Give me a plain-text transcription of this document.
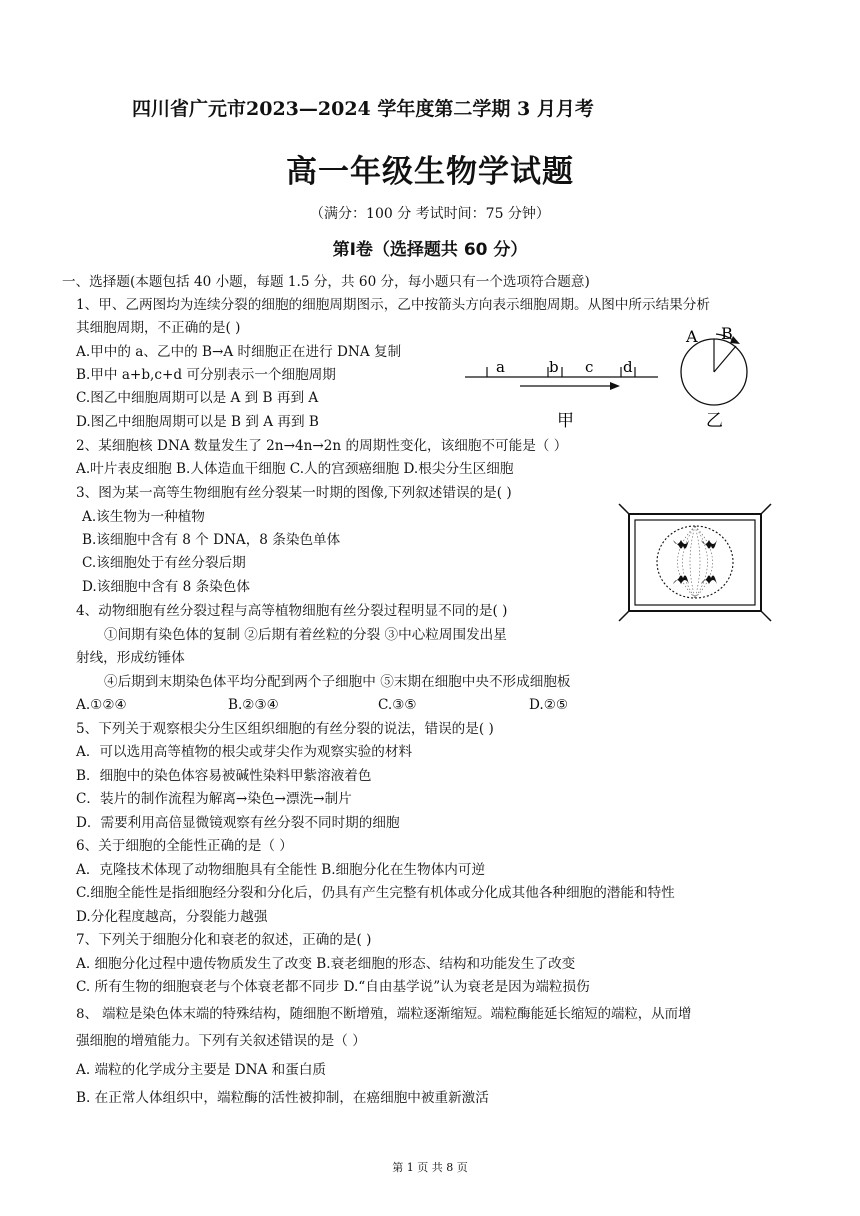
四川省广元市2023—2024 学年度第二学期 3 月月考
高一年级生物学试题
（满分：100 分 考试时间：75 分钟）
第Ⅰ卷（选择题共 60 分）
一、选择题(本题包括 40 小题，每题 1.5 分，共 60 分，每小题只有一个选项符合题意)
1、甲、乙两图均为连续分裂的细胞的细胞周期图示，乙中按箭头方向表示细胞周期。从图中所示结果分析
其细胞周期，不正确的是( )
A.甲中的 a、乙中的 B→A 时细胞正在进行 DNA 复制
B.甲中 a+b,c+d 可分别表示一个细胞周期
C.图乙中细胞周期可以是 A 到 B 再到 A
D.图乙中细胞周期可以是 B 到 A 再到 B
a	b c d
甲
A B
乙
2、某细胞核 DNA 数量发生了 2n→4n→2n 的周期性变化，该细胞不可能是（ ）
A.叶片表皮细胞 B.人体造血干细胞 C.人的宫颈癌细胞 D.根尖分生区细胞
3、图为某一高等生物细胞有丝分裂某一时期的图像,下列叙述错误的是( )
A.该生物为一种植物
B.该细胞中含有 8 个 DNA，8 条染色单体
C.该细胞处于有丝分裂后期
D.该细胞中含有 8 条染色体
4、动物细胞有丝分裂过程与高等植物细胞有丝分裂过程明显不同的是( )
①间期有染色体的复制 ②后期有着丝粒的分裂 ③中心粒周围发出星
射线，形成纺锤体
④后期到末期染色体平均分配到两个子细胞中 ⑤末期在细胞中央不形成细胞板
A.①②④	B.②③④	C.③⑤	D.②⑤
5、下列关于观察根尖分生区组织细胞的有丝分裂的说法，错误的是( )
A．可以选用高等植物的根尖或芽尖作为观察实验的材料
B．细胞中的染色体容易被碱性染料甲紫溶液着色
C．装片的制作流程为解离→染色→漂洗→制片
D．需要利用高倍显微镜观察有丝分裂不同时期的细胞
6、关于细胞的全能性正确的是（ ）
A．克隆技术体现了动物细胞具有全能性 B.细胞分化在生物体内可逆
C.细胞全能性是指细胞经分裂和分化后，仍具有产生完整有机体或分化成其他各种细胞的潜能和特性
D.分化程度越高，分裂能力越强
7、下列关于细胞分化和衰老的叙述，正确的是( )
A. 细胞分化过程中遗传物质发生了改变 B.衰老细胞的形态、结构和功能发生了改变
C. 所有生物的细胞衰老与个体衰老都不同步 D.“自由基学说”认为衰老是因为端粒损伤
8、 端粒是染色体末端的特殊结构，随细胞不断增殖，端粒逐渐缩短。端粒酶能延长缩短的端粒，从而增
强细胞的增殖能力。下列有关叙述错误的是（ ）
A. 端粒的化学成分主要是 DNA 和蛋白质
B. 在正常人体组织中，端粒酶的活性被抑制，在癌细胞中被重新激活
第 1 页 共 8 页
